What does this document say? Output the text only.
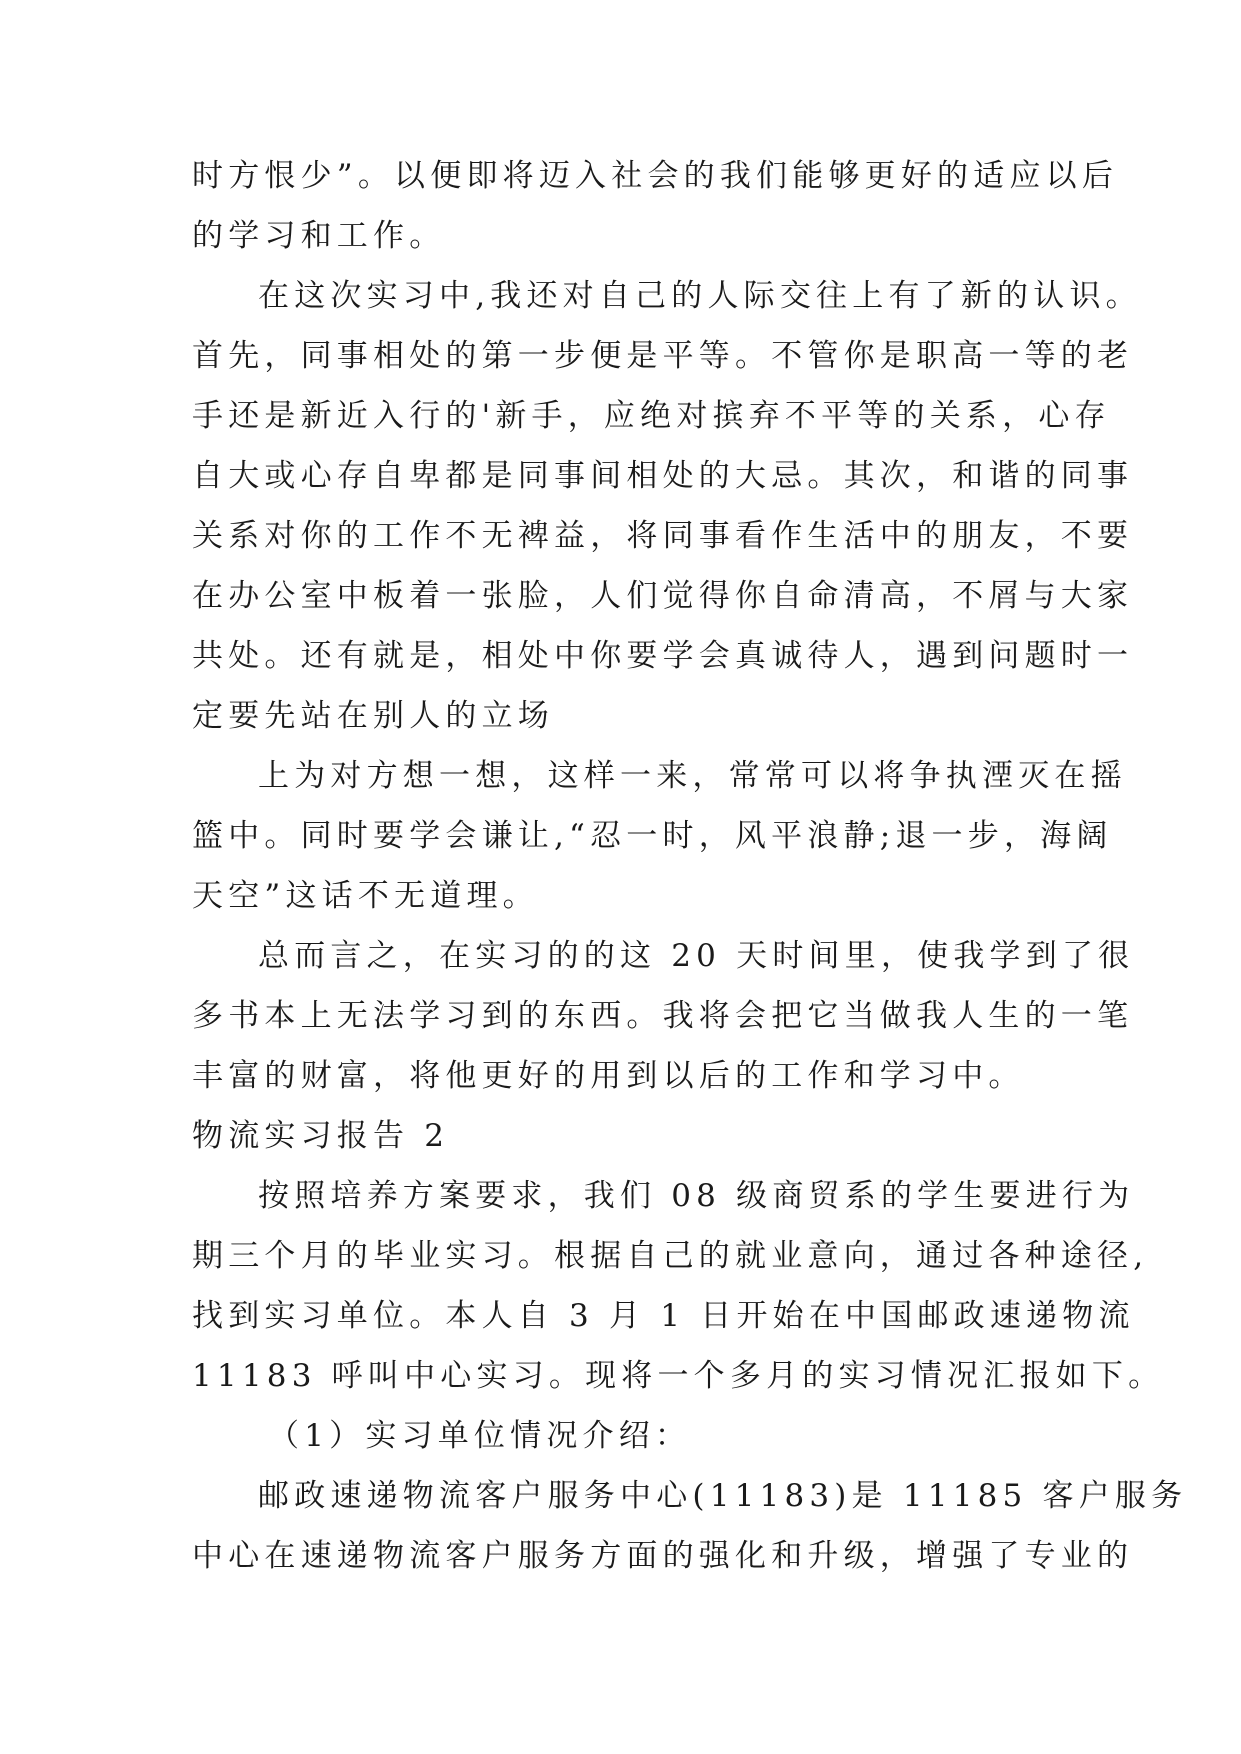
时方恨少”。以便即将迈入社会的我们能够更好的适应以后
的学习和工作。
在这次实习中,我还对自己的人际交往上有了新的认识。
首先，同事相处的第一步便是平等。不管你是职高一等的老
手还是新近入行的'新手，应绝对摈弃不平等的关系，心存
自大或心存自卑都是同事间相处的大忌。其次，和谐的同事
关系对你的工作不无裨益，将同事看作生活中的朋友，不要
在办公室中板着一张脸，人们觉得你自命清高，不屑与大家
共处。还有就是，相处中你要学会真诚待人，遇到问题时一
定要先站在别人的立场
上为对方想一想，这样一来，常常可以将争执湮灭在摇
篮中。同时要学会谦让,“忍一时，风平浪静;退一步，海阔
天空”这话不无道理。
总而言之，在实习的的这 20 天时间里，使我学到了很
多书本上无法学习到的东西。我将会把它当做我人生的一笔
丰富的财富，将他更好的用到以后的工作和学习中。
物流实习报告 2
按照培养方案要求，我们 08 级商贸系的学生要进行为
期三个月的毕业实习。根据自己的就业意向，通过各种途径,
找到实习单位。本人自 3 月 1 日开始在中国邮政速递物流
11183 呼叫中心实习。现将一个多月的实习情况汇报如下。
（1）实习单位情况介绍：
邮政速递物流客户服务中心(11183)是 11185 客户服务
中心在速递物流客户服务方面的强化和升级，增强了专业的
